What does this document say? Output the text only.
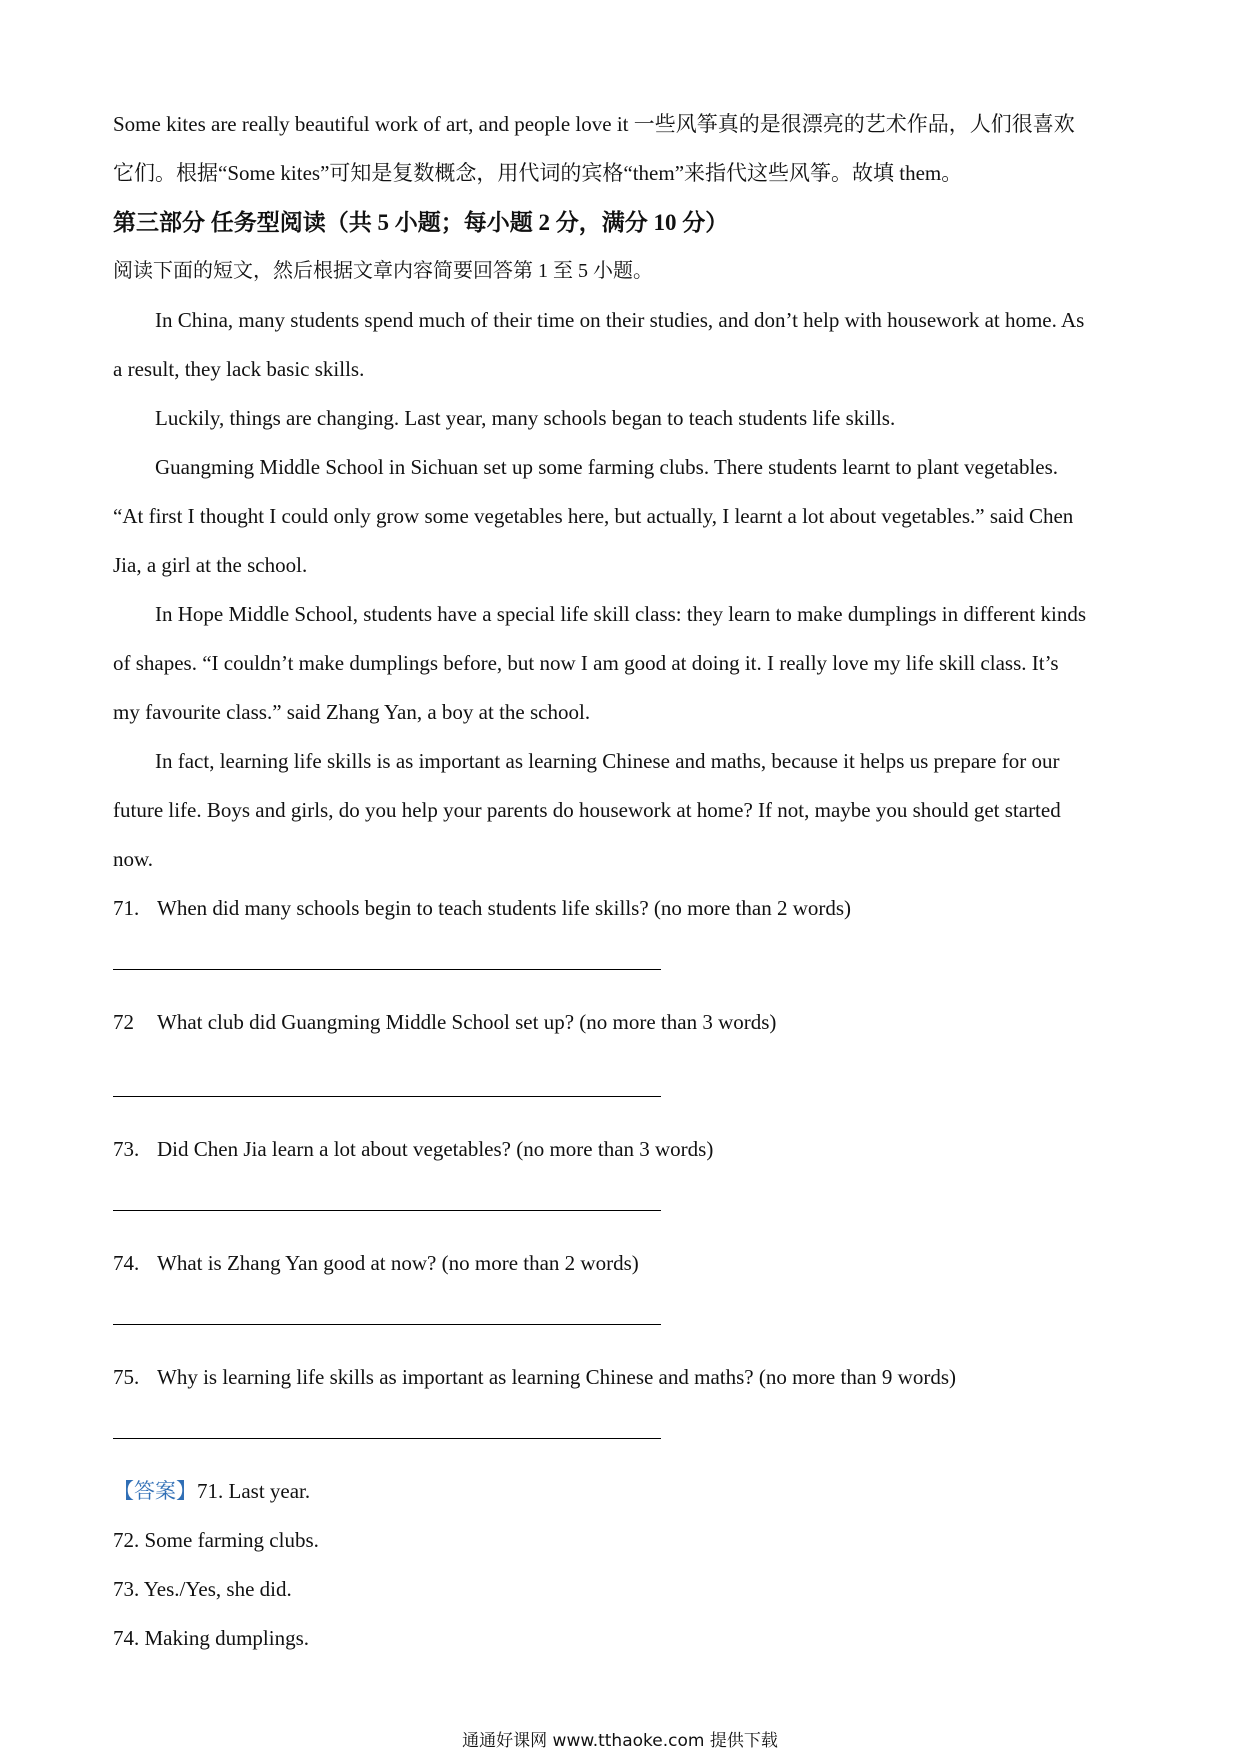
Some kites are really beautiful work of art, and people love it 一些风筝真的是很漂亮的艺术作品，人们很喜欢

它们。根据“Some kites”可知是复数概念，用代词的宾格“them”来指代这些风筝。故填 them。

第三部分 任务型阅读（共 5 小题；每小题 2 分，满分 10 分）

阅读下面的短文，然后根据文章内容简要回答第 1 至 5 小题。

In China, many students spend much of their time on their studies, and don’t help with housework at home. As

a result, they lack basic skills.

Luckily, things are changing. Last year, many schools began to teach students life skills.

Guangming Middle School in Sichuan set up some farming clubs. There students learnt to plant vegetables.

“At first I thought I could only grow some vegetables here, but actually, I learnt a lot about vegetables.” said Chen

Jia, a girl at the school.

In Hope Middle School, students have a special life skill class: they learn to make dumplings in different kinds

of shapes. “I couldn’t make dumplings before, but now I am good at doing it. I really love my life skill class. It’s

my favourite class.” said Zhang Yan, a boy at the school.

In fact, learning life skills is as important as learning Chinese and maths, because it helps us prepare for our

future life. Boys and girls, do you help your parents do housework at home? If not, maybe you should get started

now.

71. When did many schools begin to teach students life skills? (no more than 2 words)

72 What club did Guangming Middle School set up? (no more than 3 words)

73. Did Chen Jia learn a lot about vegetables? (no more than 3 words)

74. What is Zhang Yan good at now? (no more than 2 words)

75. Why is learning life skills as important as learning Chinese and maths? (no more than 9 words)

【答案】71. Last year.

72. Some farming clubs.

73. Yes./Yes, she did.

74. Making dumplings.

通通好课网 www.tthaoke.com 提供下载
